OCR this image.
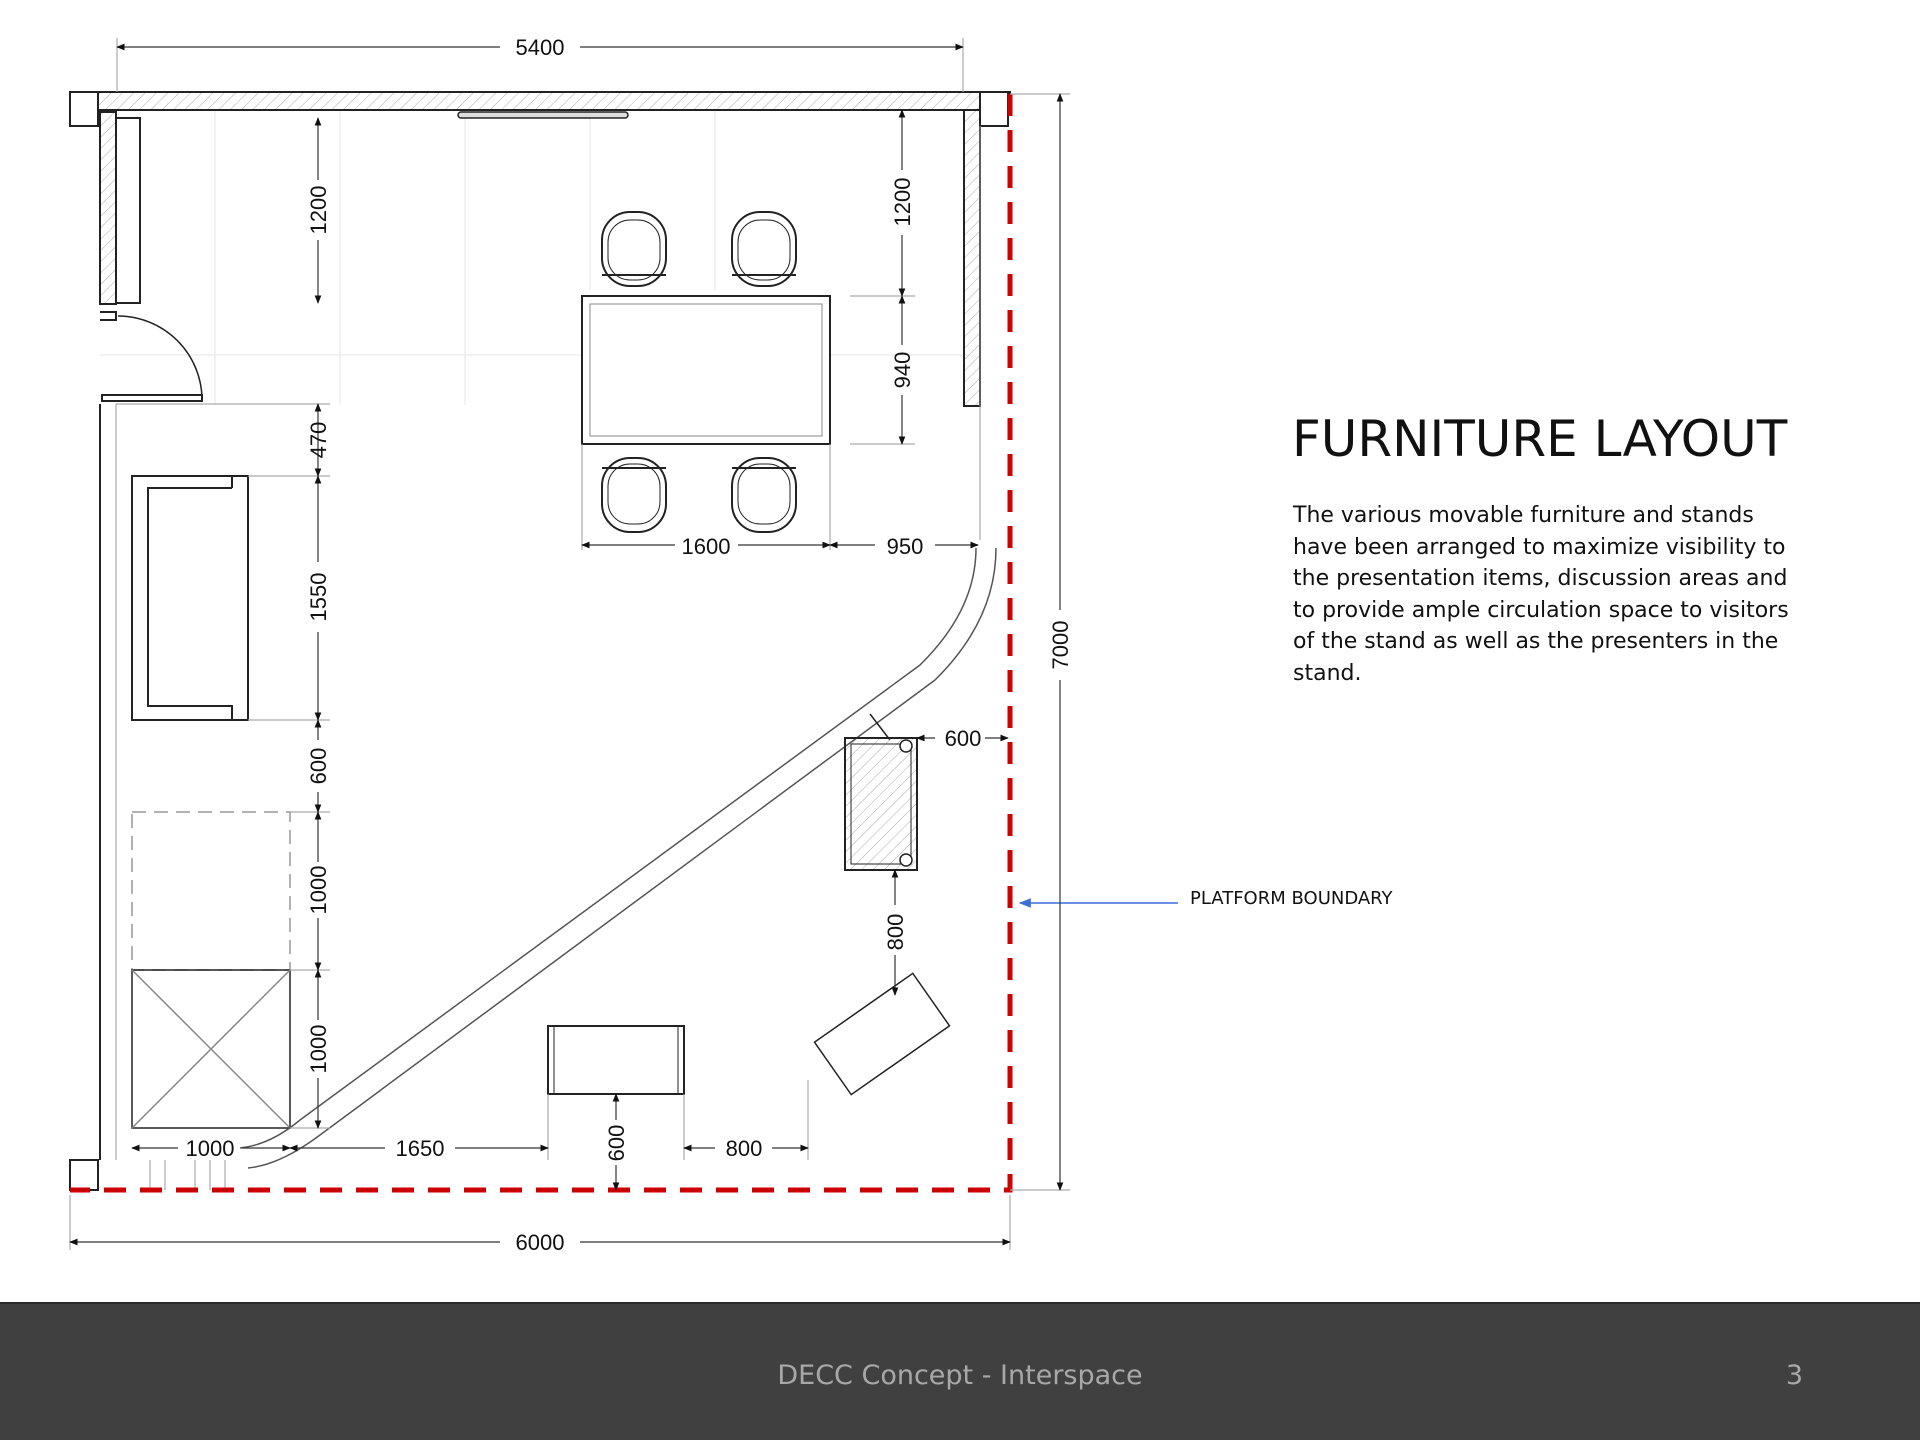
5400
6000
7000
1200
470
1550
600
1000
1000
1200
940
1600	950
600
800
1000	1650	600	800
PLATFORM BOUNDARY
FURNITURE LAYOUT

The various movable furniture and stands have been arranged to maximize visibility to the presentation items, discussion areas and to provide ample circulation space to visitors of the stand as well as the presenters in the stand.

DECC Concept - Interspace	3
